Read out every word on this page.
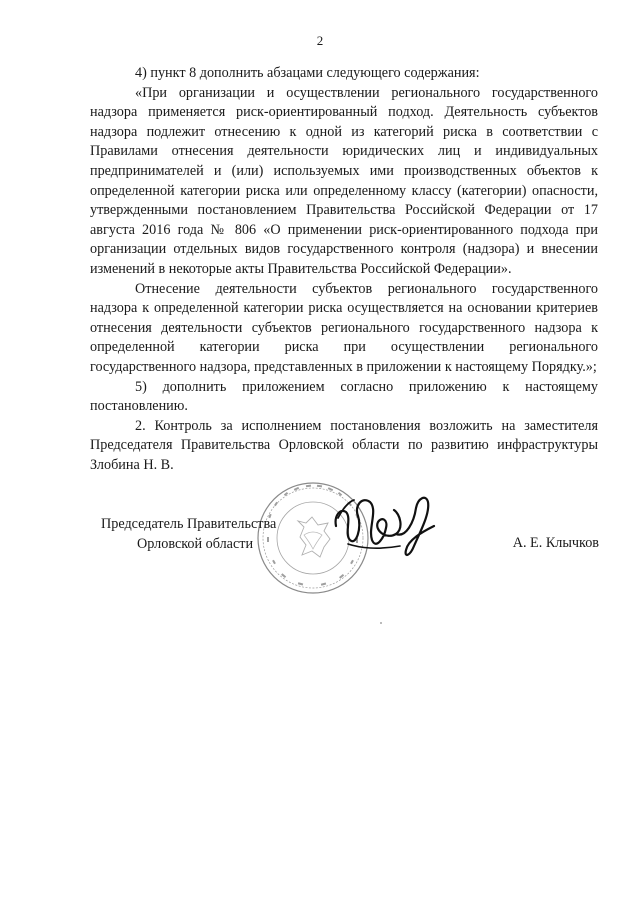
2

4) пункт 8 дополнить абзацами следующего содержания:

«При организации и осуществлении регионального государственного надзора применяется риск-ориентированный подход. Деятельность субъектов надзора подлежит отнесению к одной из категорий риска в соответствии с Правилами отнесения деятельности юридических лиц и индивидуальных предпринимателей и (или) используемых ими производственных объектов к определенной категории риска или определенному классу (категории) опасности, утвержденными постановлением Правительства Российской Федерации от 17 августа 2016 года № 806 «О применении риск-ориентированного подхода при организации отдельных видов государственного контроля (надзора) и внесении изменений в некоторые акты Правительства Российской Федерации».

Отнесение деятельности субъектов регионального государственного надзора к определенной категории риска осуществляется на основании критериев отнесения деятельности субъектов регионального государственного надзора к определенной категории риска при осуществлении регионального государственного надзора, представленных в приложении к настоящему Порядку.»;

5) дополнить приложением согласно приложению к настоящему постановлению.

2. Контроль за исполнением постановления возложить на заместителя Председателя Правительства Орловской области по развитию инфраструктуры Злобина Н. В.

Председатель Правительства
Орловской области	А. Е. Клычков
